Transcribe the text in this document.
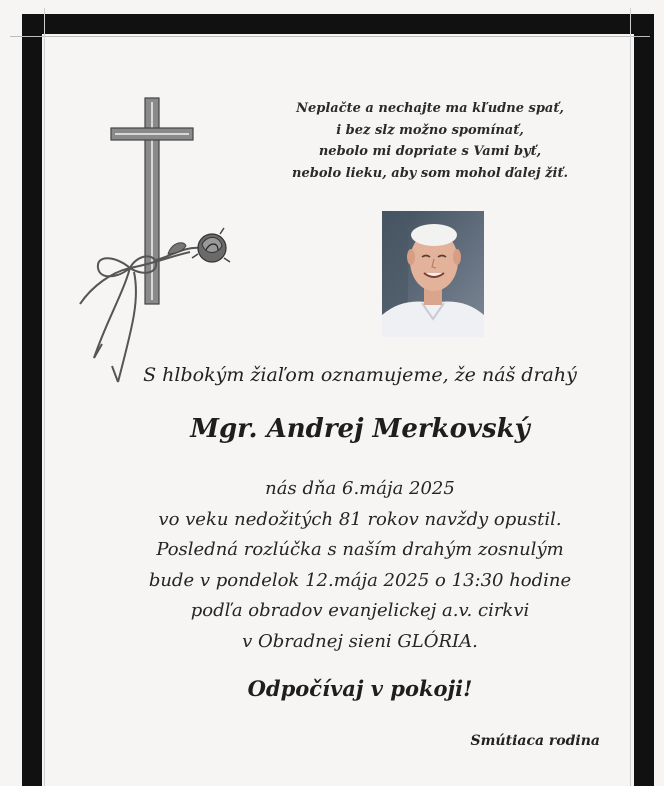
Neplačte a nechajte ma kľudne spať,
i bez slz možno spomínať,
nebolo mi dopriate s Vami byť,
nebolo lieku, aby som mohol ďalej žiť.
S hlbokým žiaľom oznamujeme, že náš drahý
Mgr. Andrej Merkovský
nás dňa 6.mája 2025
vo veku nedožitých 81 rokov navždy opustil.
Posledná rozlúčka s naším drahým zosnulým
bude v pondelok 12.mája 2025 o 13:30 hodine
podľa obradov evanjelickej a.v. cirkvi
v Obradnej sieni GLÓRIA.
Odpočívaj v pokoji!
Smútiaca rodina
